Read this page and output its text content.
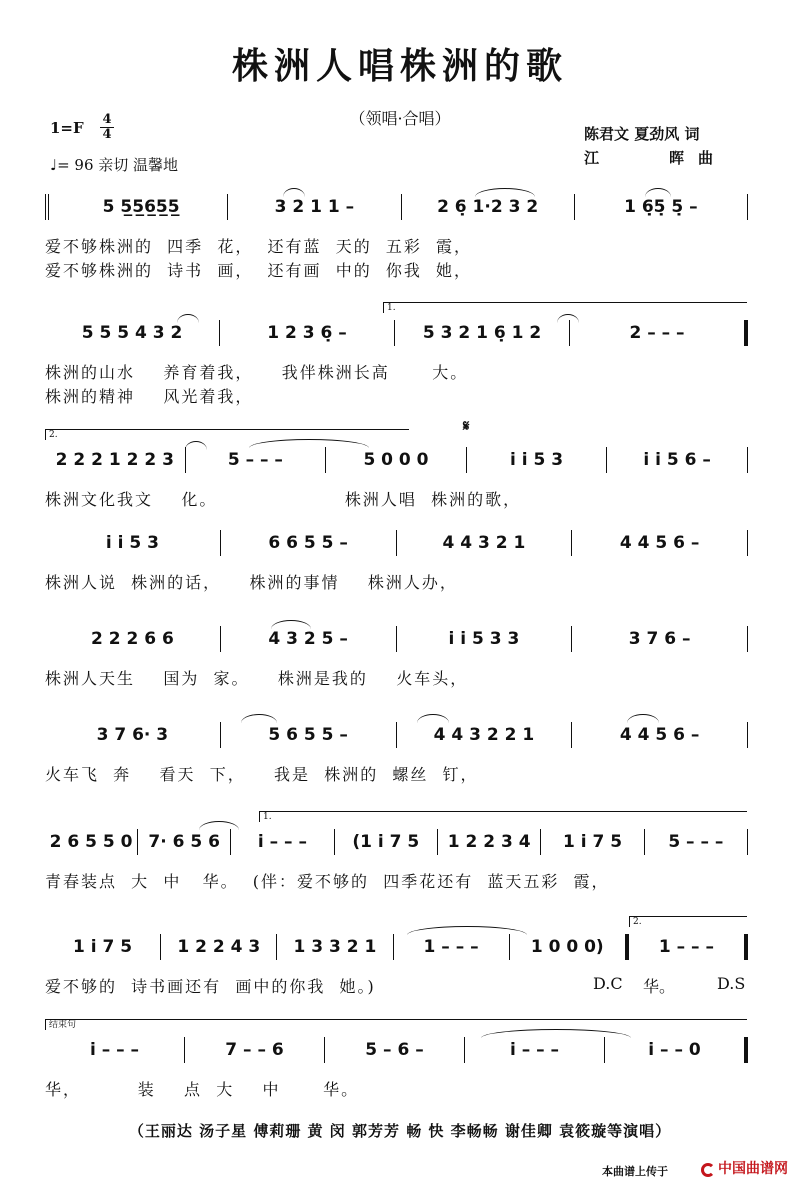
株洲人唱株洲的歌
（领唱·合唱）
1=F 4
4
♩= 96 亲切 温馨地
陈君文 夏劲风 词
江	晖 曲
5 5̲5̲6̲5̲5̲	3 2 1 1 –	2 6̣ 1·2 3 2	1 6̣5̣ 5̣ –
爱不够株洲的  四季  花，  还有蓝  天的  五彩  霞，
爱不够株洲的  诗书  画，  还有画  中的  你我  她，
1.
5 5 5 4 3 2	1 2 3 6̣ –	5 3 2 1 6̣ 1 2	2 – – –
株洲的山水    养育着我，    我伴株洲长高      大。
株洲的精神    风光着我，
2.	𝄋
2 2 2 1 2 2 3	5 – – –	5 0 0 0	i i 5 3	i i 5 6 –
株洲文化我文    化。                  株洲人唱  株洲的歌，
i i 5 3	6 6 5 5 –	4 4 3 2 1	4 4 5 6 –
株洲人说  株洲的话，    株洲的事情    株洲人办，
2 2 2 6 6	4 3 2 5 –	i i 5 3 3	3 7 6 –
株洲人天生    国为  家。    株洲是我的    火车头，
3 7 6· 3	5 6 5 5 –	4 4 3 2 2 1	4 4 5 6 –
火车飞  奔    看天  下，    我是  株洲的  螺丝  钉，
1.
2 6 5 5 0 7· 6 5 6 i – – –	(1 i 7 5 1 2 2 3 4 1 i 7 5	5 – – –
青春装点  大  中   华。  (伴：爱不够的  四季花还有  蓝天五彩  霞，
2.
1 i 7 5	1 2 2 4 3 1 3 3 2 1	1 – – –	1 0 0 0)	1 – – –
爱不够的  诗书画还有  画中的你我  她。)	D.C 华。	D.S
结束句
i – – –	7 – – 6	5 – 6 –	i – – –	i – – 0
华，        装    点  大    中      华。
（王丽达 汤子星 傅莉珊 黄 闵 郭芳芳 畅 快 李畅畅 谢佳卿 袁筱璇等演唱）
本曲谱上传于	中国曲谱网
